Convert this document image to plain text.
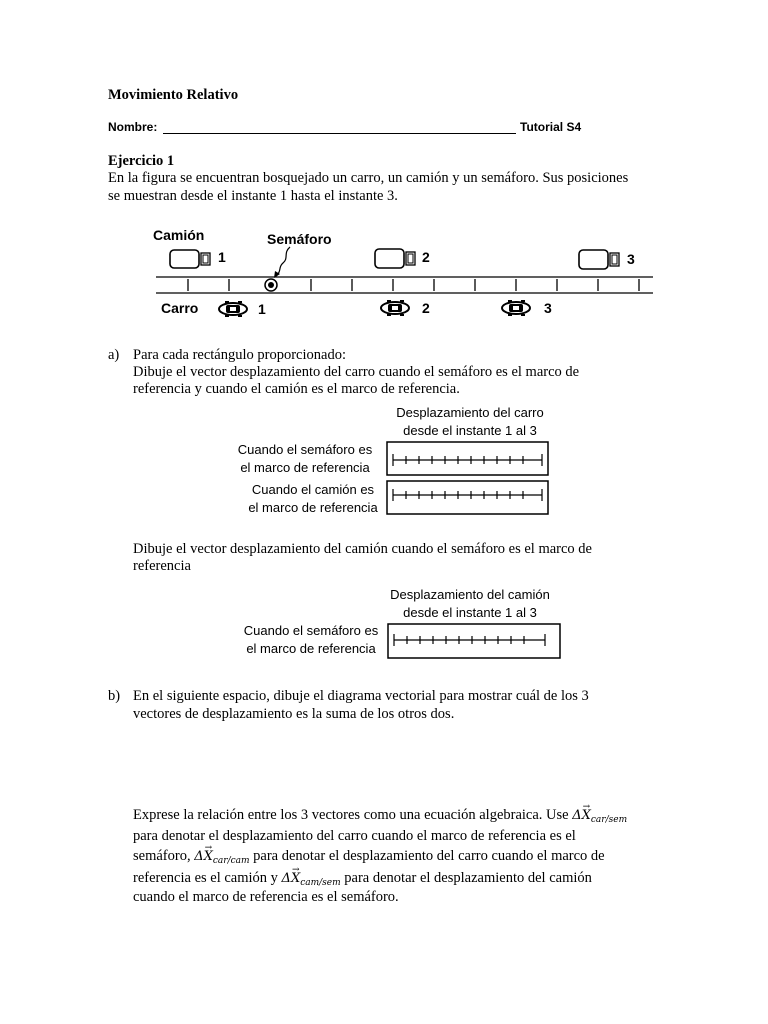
Movimiento Relativo
Nombre:	Tutorial S4
Ejercicio 1
En la figura se encuentran bosquejado un carro, un camión y un semáforo. Sus posiciones
se muestran desde el instante 1 hasta el instante 3.
Camión	Semáforo
Carro
1	2	3
1	2	3
a) Para cada rectángulo proporcionado:
Dibuje el vector desplazamiento del carro cuando el semáforo es el marco de
referencia y cuando el camión es el marco de referencia.
Desplazamiento del carro
desde el instante 1 al 3
Cuando el semáforo es
el marco de referencia
Cuando el camión es
el marco de referencia
Dibuje el vector desplazamiento del camión cuando el semáforo es el marco de
referencia
Desplazamiento del camión
desde el instante 1 al 3
Cuando el semáforo es
el marco de referencia
b) En el siguiente espacio, dibuje el diagrama vectorial para mostrar cuál de los 3
vectores de desplazamiento es la suma de los otros dos.
Exprese la relación entre los 3 vectores como una ecuación algebraica. Use $\Delta\to X_{car/sem}$
para denotar el desplazamiento del carro cuando el marco de referencia es el
semáforo, $\Delta\to X_{car/cam}$ para denotar el desplazamiento del carro cuando el marco de
referencia es el camión y $\Delta\to X_{cam/sem}$ para denotar el desplazamiento del camión
cuando el marco de referencia es el semáforo.
